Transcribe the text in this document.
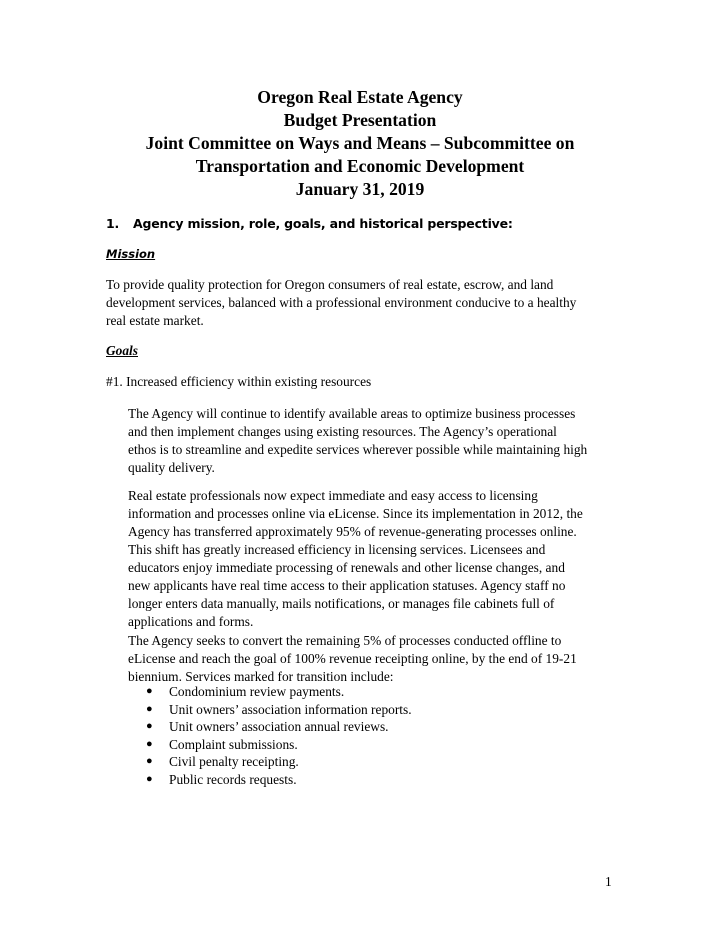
Oregon Real Estate Agency
Budget Presentation
Joint Committee on Ways and Means – Subcommittee on
Transportation and Economic Development
January 31, 2019
1. Agency mission, role, goals, and historical perspective:
Mission
To provide quality protection for Oregon consumers of real estate, escrow, and land
development services, balanced with a professional environment conducive to a healthy
real estate market.
Goals
#1. Increased efficiency within existing resources
The Agency will continue to identify available areas to optimize business processes
and then implement changes using existing resources. The Agency’s operational
ethos is to streamline and expedite services wherever possible while maintaining high
quality delivery.
Real estate professionals now expect immediate and easy access to licensing
information and processes online via eLicense. Since its implementation in 2012, the
Agency has transferred approximately 95% of revenue-generating processes online.
This shift has greatly increased efficiency in licensing services. Licensees and
educators enjoy immediate processing of renewals and other license changes, and
new applicants have real time access to their application statuses. Agency staff no
longer enters data manually, mails notifications, or manages file cabinets full of
applications and forms.
The Agency seeks to convert the remaining 5% of processes conducted offline to
eLicense and reach the goal of 100% revenue receipting online, by the end of 19-21
biennium. Services marked for transition include:
● Condominium review payments.
● Unit owners’ association information reports.
● Unit owners’ association annual reviews.
● Complaint submissions.
● Civil penalty receipting.
● Public records requests.
1
